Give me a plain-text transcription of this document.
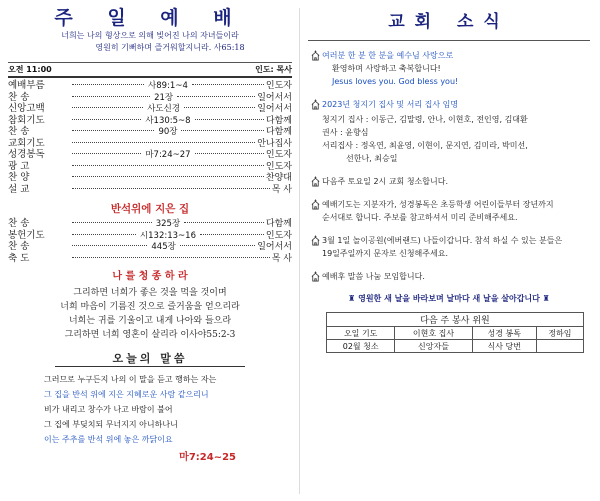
주 일 예 배
너희는 나의 형상으로 의해 빚어진 나의 자녀들이라
영원히 기뻐하며 즐거워할지니라. 사65:18
오전 11:00	인도: 목사
예배부름	사89:1~4	인도자
찬 송	21장	일어서서
신앙고백	사도신경	일어서서
참회기도	사130:5~8	다함께
찬 송	90장	다함께
교회기도	안나집사
성경봉독	마7:24~27	인도자
광 고	인도자
찬 양	찬양대
설 교	목 사
반석위에 지은 집
찬 송	325장	다함께
봉헌기도	시132:13~16	인도자
찬 송	445장	일어서서
축 도	목 사
나 를 청 종 하 라
그리하면 너희가 좋은 것을 먹을 것이며
너희 마음이 기름진 것으로 즐거움을 얻으리라
너희는 귀를 기울이고 내게 나아와 들으라
그리하면 너희 영혼이 살리라 이사야55:2-3
오늘의 말씀
그러므로 누구든지 나의 이 말을 듣고 행하는 자는
그 집을 반석 위에 지은 지혜로운 사람 같으리니
비가 내리고 창수가 나고 바람이 불어
그 집에 부딪치되 무너지지 아니하나니
이는 주추를 반석 위에 놓은 까닭이요
마7:24~25
교회 소식
여러분 한 분 한 분을 예수님 사랑으로
환영하며 사랑하고 축복합니다!
Jesus loves you. God bless you!
2023년 청지기 집사 및 서리 집사 임명
청지기 집사 : 이동근, 김말령, 안나, 이현호, 전인영, 김대환
권사 : 윤향심
서리집사 : 정옥연, 최윤영, 이현이, 문지연, 김미라, 박미선,
선한나, 최승일
다음주 토요일 2시 교회 청소합니다.
예배기도는 지분자가, 성경봉독은 초등학생 어린이들부터 장년까지
순서대로 합니다. 주보를 참고하셔서 미리 준비해주세요.
3월 1일 놀이공원(에버랜드) 나들이갑니다. 참석 하실 수 있는 분들은
19일주일까지 문자로 신청해주세요.
예배후 말씀 나눔 모임합니다.
♜ 영원한 새 날을 바라보며 날마다 새 날을 살아갑니다 ♜
다음 주 봉사 위원			
오일 기도	이현호 집사	성경 봉독	정하임
02월 청소	신앙자들	식사 당번	
